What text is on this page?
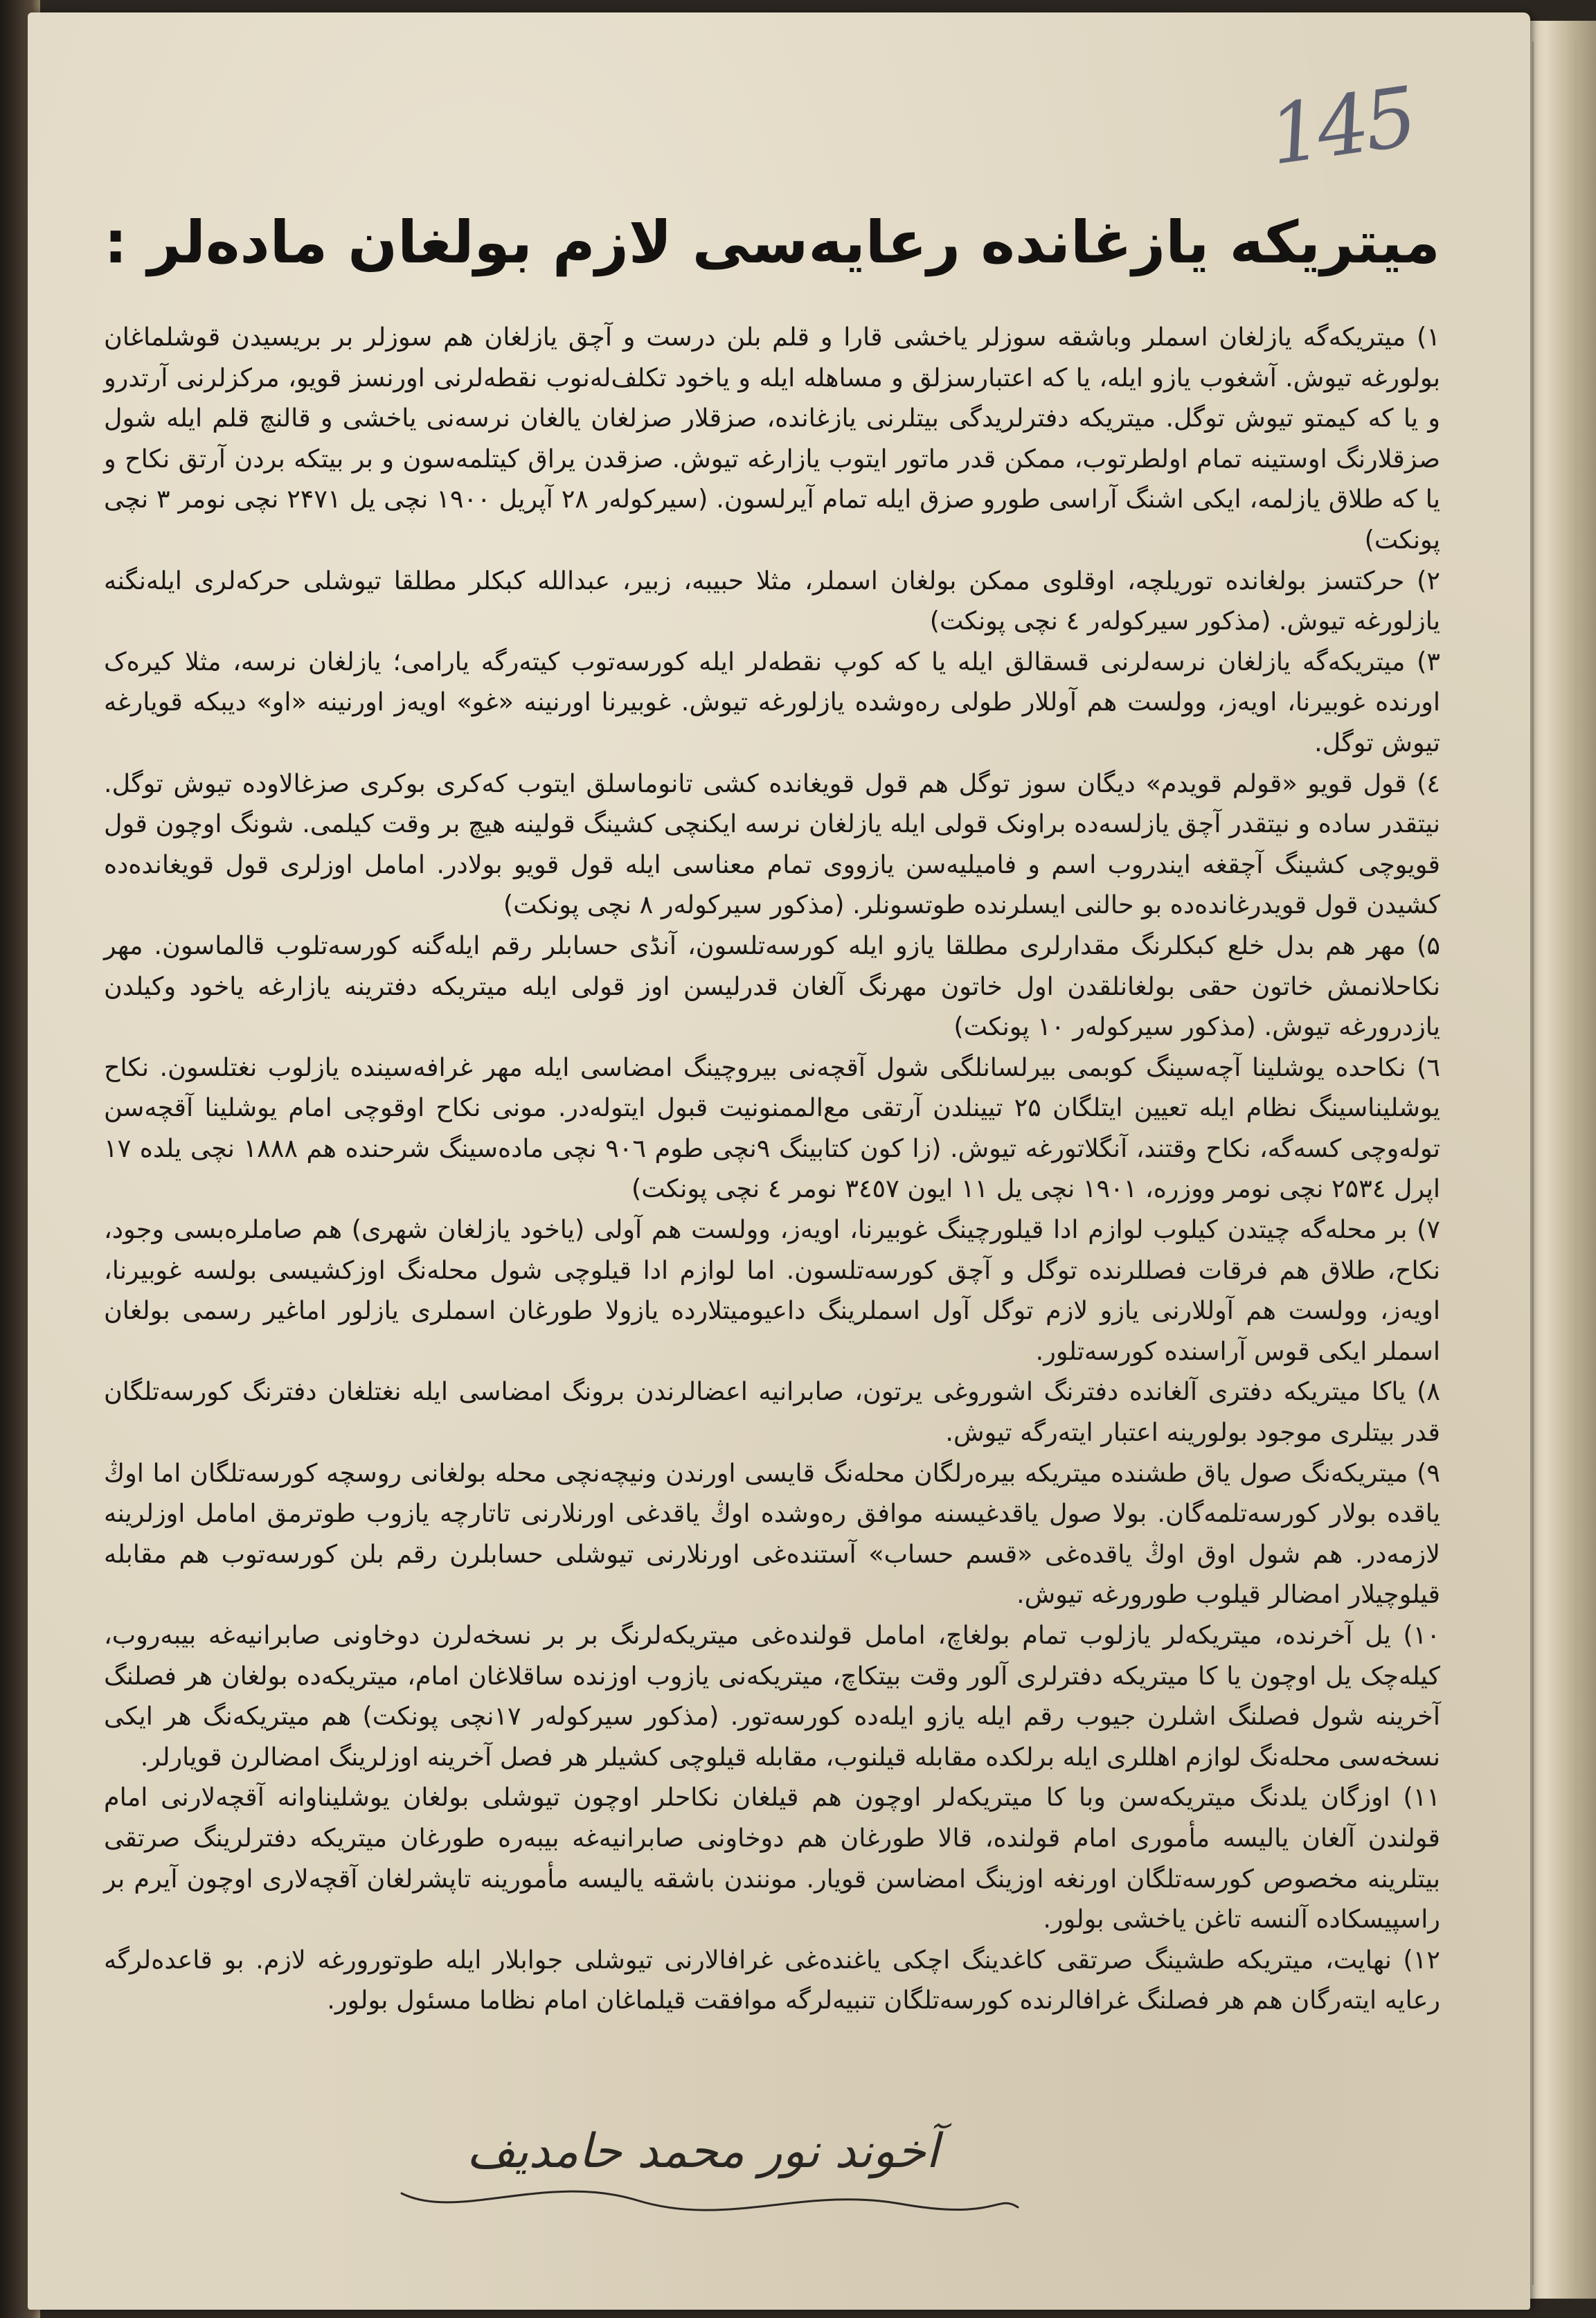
145
میتریکه یازغانده رعایه‌سی لازم بولغان ماده‌لر :

۱) میتریکه‌گه یازلغان اسملر وباشقه سوزلر یاخشی قارا و قلم بلن درست و آچق یازلغان هم سوزلر بر بریسیدن قوشلماغان بولورغه تیوش. آشغوب یازو ایله، یا که اعتبارسزلق و مساهله ایله و یاخود تکلف‌له‌نوب نقطه‌لرنی اورنسز قویو، مرکزلرنی آرتدرو و یا که کیمتو تیوش توگل. میتریکه دفترلریدگی بیتلرنی یا‌زغانده، صزقلار صزلغان یالغان نرسه‌نی یاخشی و قالنچ قلم ایله شول صزقلارنگ اوستینه تمام اولطرتوب، ممکن قدر ماتور ایتوب یازارغه تیوش. صزقدن یراق کیتلمه‌سون و بر بیتکه بردن آرتق نکاح و یا که طلاق یازلمه، ایکی اشنگ آراسی طورو صزق ایله تمام آیرلسون. (سیرکولەر ۲۸ آپریل ۱۹۰۰ نچی یل ۲۴۷۱ نچی نومر ۳ نچی پونکت)

۲) حرکتسز بولغانده توریلچه، اوقلوی ممکن بولغان اسملر، مثلا حبیبه، زبیر، عبدالله کبکلر مطلقا تیوشلی حرکه‌لری ایله‌نگنه یازلورغه تیوش. (مذکور سیرکولەر ٤ نچی پونکت)

۳) میتریکه‌گه یازلغان نرسه‌لرنی قسقالق ایله یا که کوپ نقطه‌لر ایله کورسه‌توب کیته‌رگه یارامی؛ یازلغان نرسه، مثلا کیره‌ک اورنده غوبیرنا، اویەز، وولست هم آوللار طولی رەوشده یازلورغه تیوش. غوبیرنا اورنینه «غو» اویەز اورنینه «او» دیبکه قویارغه تیوش توگل.

٤) قول قویو «قولم قویدم» دیگان سوز توگل هم قول قویغانده کشی تانوماسلق ایتوب که‌کری بوکری صزغالاوده تیوش توگل. نیتقدر ساده و نیتقدر آچق یازلسه‌ده براونک قولی ایله یازلغان نرسه ایکنچی کشینگ قولینه هیچ بر وقت کیلمی. شونگ اوچون قول قویوچی کشینگ آچقغه ایندروب اسم و فامیلیه‌سن یازووی تمام معناسی ایله قول قویو بولادر. امامل اوزلری قول قویغانده‌ده کشیدن قول قویدرغانده‌ده بو حالنی ایسلرنده طوتسونلر. (مذکور سیرکولەر ۸ نچی پونکت)

۵) مهر هم بدل خلع کبکلرنگ مقدارلری مطلقا یازو ایله کورسه‌تلسون، آنڈی حسابلر رقم ایله‌گنه کورسه‌تلوب قالماسون. مهر نکاحلانمش خاتون حقی بولغانلقدن اول خاتون مهرنگ آلغان قدرلیسن اوز قولی ایله میتریکه دفترینه یازارغه یاخود وکیلدن یازدرورغه تیوش. (مذکور سیرکولەر ۱۰ پونکت)

٦) نکاحده یوشلینا آچه‌سینگ کوبمی بیرلسانلگی شول آقچه‌نی بیروچینگ امضاسی ایله مهر غرافه‌سینده یازلوب نغتلسون. نکاح یوشلیناسینگ نظام ایله تعیین ایتلگان ۲۵ تیینلدن آرتقی مع‌الممنونیت قبول ایتوله‌در. مونی نکاح اوقوچی امام یوشلینا آقچه‌سن تولەوچی کسه‌گه، نکاح وقتند، آنگلاتورغه تیوش. (زا کون کتابینگ ۹نچی طوم ۹۰٦ نچی ماده‌سینگ شرحنده هم ۱۸۸۸ نچی یلده ۱۷ اپرل ۲۵۳٤ نچی نومر ووزره، ۱۹۰۱ نچی یل ۱۱ ایون ۳٤٥۷ نومر ٤ نچی پونکت)

۷) بر محله‌گه چیتدن کیلوب لوازم ادا قیلورچینگ غوبیرنا، اویەز، وولست هم آولی (یاخود یازلغان شهری) هم صاملرەبسی وجود، نکاح، طلاق هم فرقات فصللرنده توگل و آچق کورسه‌تلسون. اما لوازم ادا قیلوچی شول محله‌نگ اوزکشیسی بولسه غوبیرنا، اویەز، وولست هم آوللارنی یازو لازم توگل آول اسملرینگ داعیومیتلارده یازولا طورغان اسملری یازلور اماغیر رسمی بولغان اسملر ایکی قوس آراسنده کورسه‌تلور.

۸) یاکا میتریکه دفتری آلغانده دفترنگ اشوروغی یرتون، صابرانیه اعضالرندن برونگ امضاسی ایله نغتلغان دفترنگ کورسه‌تلگان قدر بیتلری موجود بولورینه اعتبار ایته‌رگه تیوش.

۹) میتریکه‌نگ صول یاق طشنده میتریکه بیره‌رلگان محله‌نگ قایسی اورندن ونیچه‌نچی محله بولغانی روسچه کورسه‌تلگان اما اوڭ یاقده بولار کورسه‌تلمه‌گان. بولا صول یاقدغیسنه موافق رەوشده اوڭ یاقدغی اورنلارنی تاتارچه یازوب طوترمق امامل اوزلرینه لازمه‌در. هم شول اوق اوڭ یاقده‌غی «قسم حساب» آستنده‌غی اورنلارنی تیوشلی حسابلرن رقم بلن کورسه‌توب هم مقابله قیلوچیلار امضالر قیلوب طورورغه تیوش.

۱۰) یل آخرنده، میتریکه‌لر یازلوب تمام بولغاچ، امامل قولنده‌غی میتریکه‌لرنگ بر بر نسخه‌لرن دوخاونی صابرانیه‌غه بیبه‌روب، کیله‌چک یل اوچون یا کا میتریکه دفترلری آلور وقت بیتکاچ، میتریکه‌نی یازوب اوزنده ساقلاغان امام، میتریکه‌ده بولغان هر فصلنگ آخرینه شول فصلنگ اشلرن جیوب رقم ایله یازو ایلەده کورسه‌تور. (مذکور سیرکولەر ۱۷نچی پونکت) هم میتریکه‌نگ هر ایکی نسخه‌سی محله‌نگ لوازم اهللری ایله برلکده مقابله قیلنوب، مقابله قیلوچی کشیلر هر فصل آخرینه اوزلرینگ امضالرن قویارلر.

۱۱) اوزگان یلدنگ میتریکه‌سن وبا کا میتریکه‌لر اوچون هم قیلغان نکاحلر اوچون تیوشلی بولغان یوشلیناوانه آقچه‌لارنی امام قولندن آلغان یالیسه مأموری امام قولنده، قالا طورغان هم دوخاونی صابرانیه‌غه بیبه‌ره طورغان میتریکه دفترلرینگ صرتقی بیتلرینه مخصوص کورسه‌تلگان اورنغه اوزینگ امضاسن قویار. مونندن باشقه یالیسه مأمورینه تاپشرلغان آقچه‌لاری اوچون آیرم بر راسپیسکاده آلنسه تاغن یاخشی بولور.

۱۲) نهایت، میتریکه طشینگ صرتقی کاغدینگ اچکی یاغنده‌غی غرافالارنی تیوشلی جوابلار ایله طوتورورغه لازم. بو قاعده‌لرگه رعایه ایته‌رگان هم هر فصلنگ غرافالرنده کورسه‌تلگان تنبیه‌لرگه موافقت قیلماغان امام نظاما مسئول بولور.

آخوند نور محمد حامدیف
